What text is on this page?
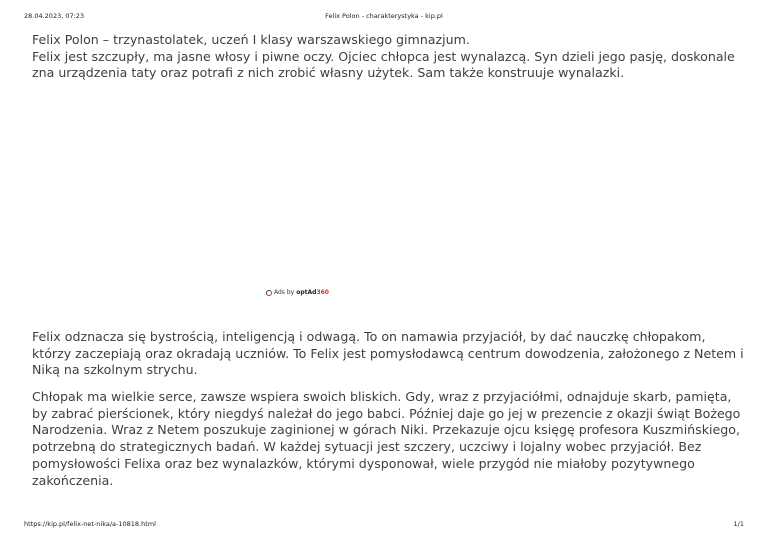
28.04.2023, 07:23	Felix Polon - charakterystyka - kip.pl

Felix Polon – trzynastolatek, uczeń I klasy warszawskiego gimnazjum.

Felix jest szczupły, ma jasne włosy i piwne oczy. Ojciec chłopca jest wynalazcą. Syn dzieli jego pasję, doskonale zna urządzenia taty oraz potrafi z nich zrobić własny użytek. Sam także konstruuje wynalazki.

Ads by optAd360

Felix odznacza się bystrością, inteligencją i odwagą. To on namawia przyjaciół, by dać nauczkę chłopakom, którzy zaczepiają oraz okradają uczniów. To Felix jest pomysłodawcą centrum dowodzenia, założonego z Netem i Niką na szkolnym strychu.

Chłopak ma wielkie serce, zawsze wspiera swoich bliskich. Gdy, wraz z przyjaciółmi, odnajduje skarb, pamięta, by zabrać pierścionek, który niegdyś należał do jego babci. Później daje go jej w prezencie z okazji świąt Bożego Narodzenia. Wraz z Netem poszukuje zaginionej w górach Niki. Przekazuje ojcu księgę profesora Kuszmińskiego, potrzebną do strategicznych badań. W każdej sytuacji jest szczery, uczciwy i lojalny wobec przyjaciół. Bez pomysłowości Felixa oraz bez wynalazków, którymi dysponował, wiele przygód nie miałoby pozytywnego zakończenia.

https://kip.pl/felix-net-nika/a-10818.html	1/1
